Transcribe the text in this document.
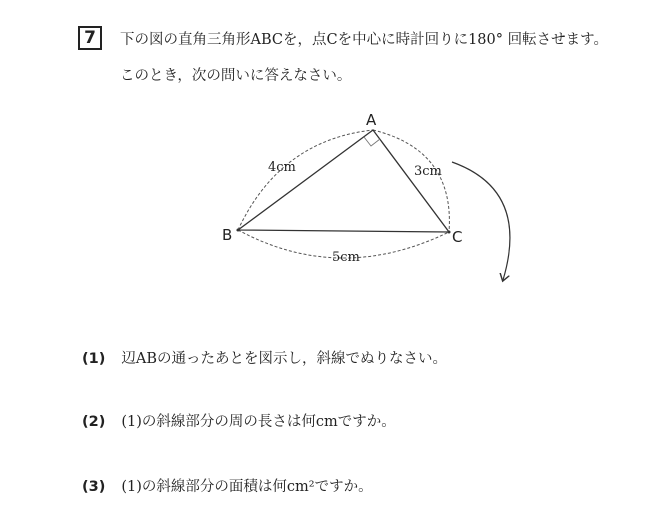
7	下の図の直角三角形ABCを，点Cを中心に時計回りに180° 回転させます。
このとき，次の問いに答えなさい。
A
B	C
4cm	3cm
5cm
(1) 辺ABの通ったあとを図示し，斜線でぬりなさい。
(2) (1)の斜線部分の周の長さは何cmですか。
(3) (1)の斜線部分の面積は何cm²ですか。
